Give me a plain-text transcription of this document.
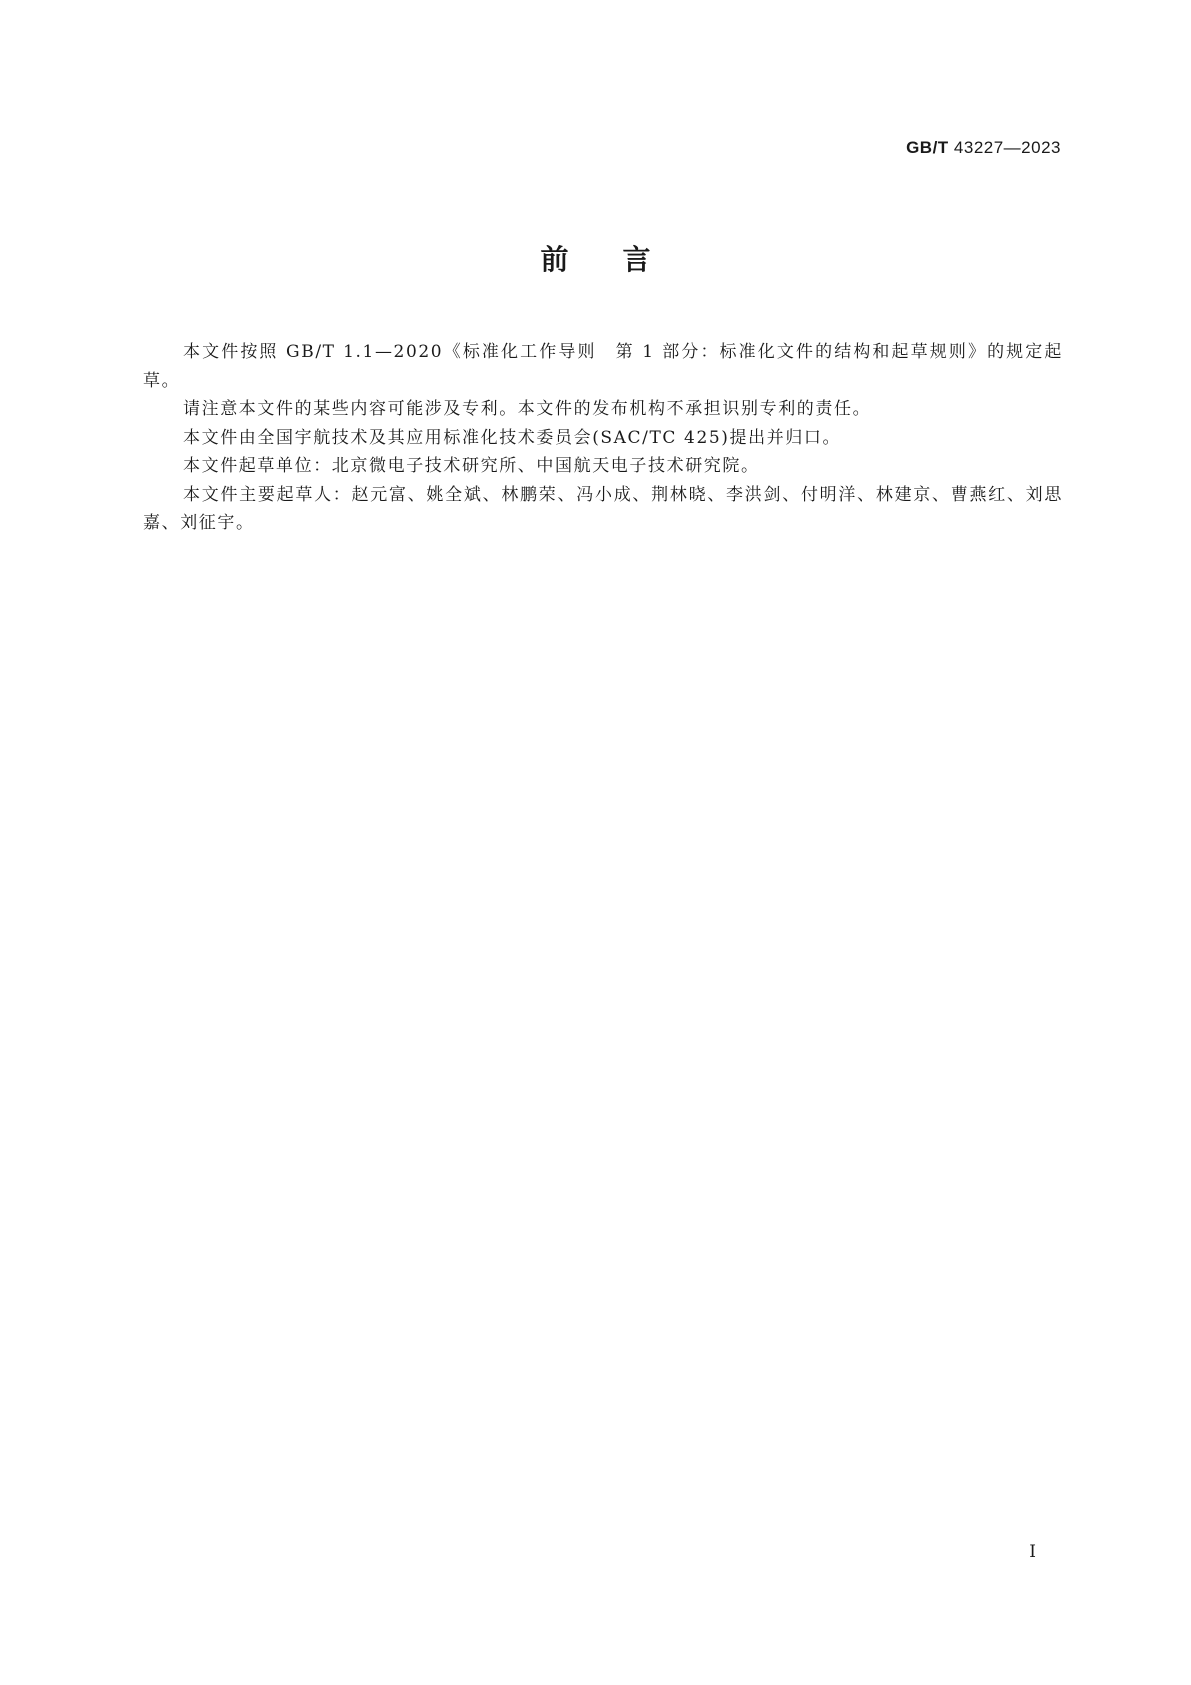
GB/T 43227—2023
前言

本文件按照 GB/T 1.1—2020《标准化工作导则　第 1 部分：标准化文件的结构和起草规则》的规定起草。

请注意本文件的某些内容可能涉及专利。本文件的发布机构不承担识别专利的责任。

本文件由全国宇航技术及其应用标准化技术委员会(SAC/TC 425)提出并归口。

本文件起草单位：北京微电子技术研究所、中国航天电子技术研究院。

本文件主要起草人：赵元富、姚全斌、林鹏荣、冯小成、荆林晓、李洪剑、付明洋、林建京、曹燕红、刘思嘉、刘征宇。

Ⅰ
